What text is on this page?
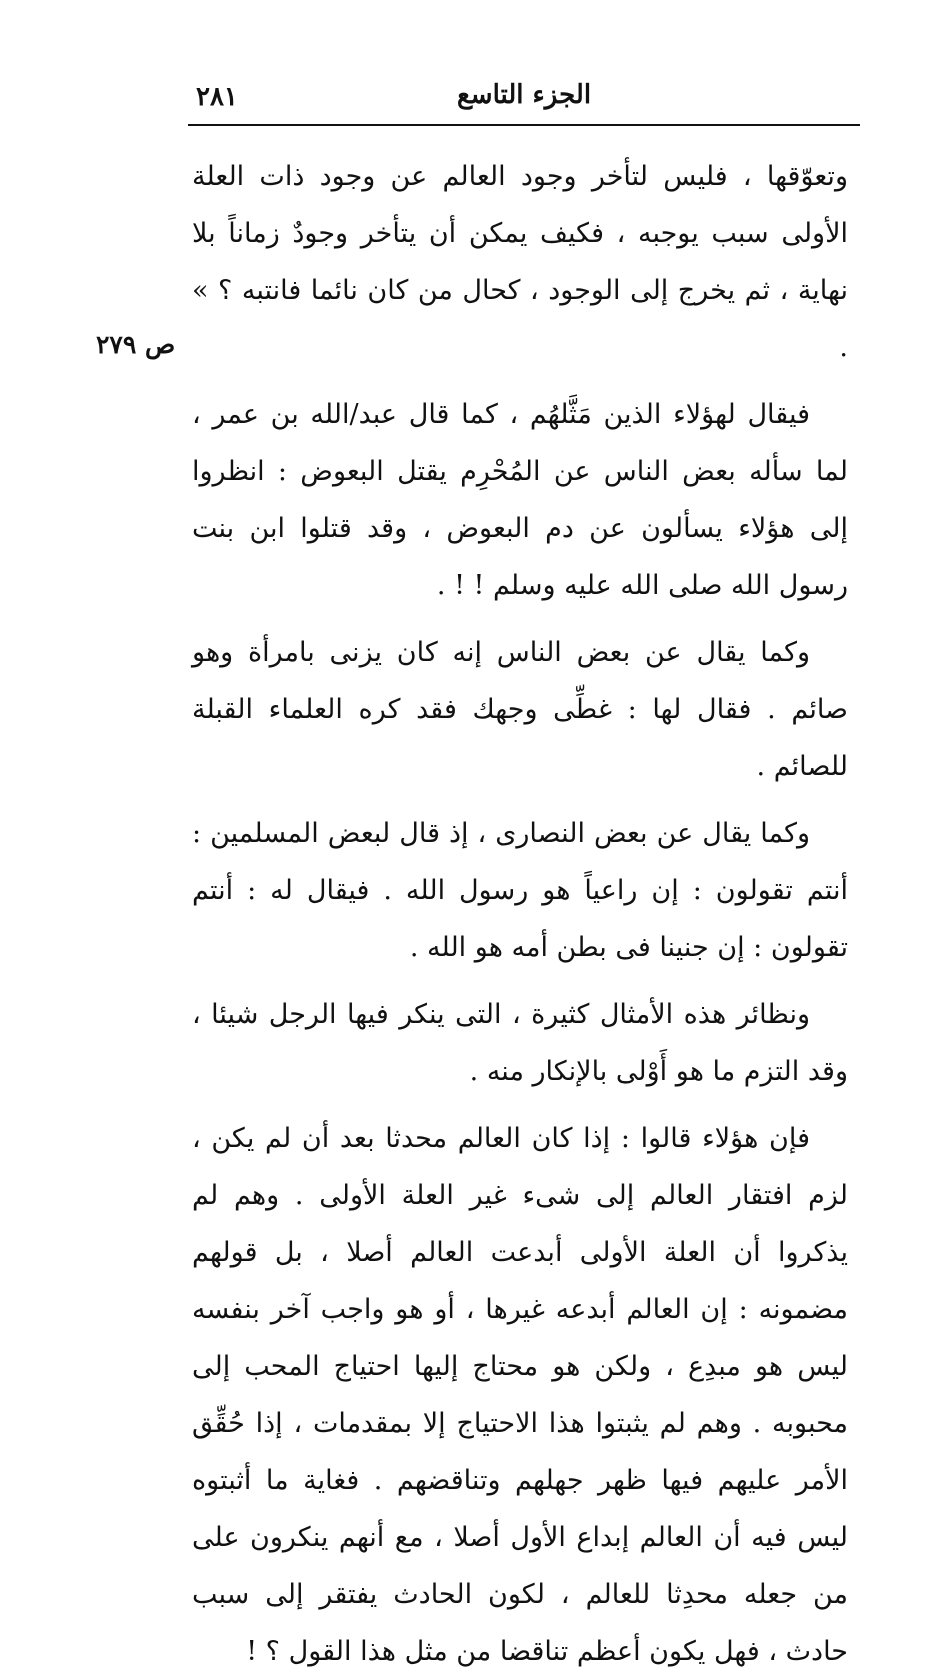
٢٨١	الجزء التاسع
ص ٢٧٩

وتعوّقها ، فليس لتأخر وجود العالم عن وجود ذات العلة الأولى سبب يوجبه ، فكيف يمكن أن يتأخر وجودٌ زماناً بلا نهاية ، ثم يخرج إلى الوجود ، كحال من كان نائما فانتبه ؟ » .

فيقال لهؤلاء الذين مَثَّلهُم ، كما قال عبد/الله بن عمر ، لما سأله بعض الناس عن المُحْرِم يقتل البعوض : انظروا إلى هؤلاء يسألون عن دم البعوض ، وقد قتلوا ابن بنت رسول الله صلى الله عليه وسلم ! ! .

وكما يقال عن بعض الناس إنه كان يزنى بامرأة وهو صائم . فقال لها : غطِّى وجهك فقد كره العلماء القبلة للصائم .

وكما يقال عن بعض النصارى ، إذ قال لبعض المسلمين : أنتم تقولون : إن راعياً هو رسول الله . فيقال له : أنتم تقولون : إن جنينا فى بطن أمه هو الله .

ونظائر هذه الأمثال كثيرة ، التى ينكر فيها الرجل شيئا ، وقد التزم ما هو أَوْلى بالإنكار منه .

فإن هؤلاء قالوا : إذا كان العالم محدثا بعد أن لم يكن ، لزم افتقار العالم إلى شىء غير العلة الأولى . وهم لم يذكروا أن العلة الأولى أبدعت العالم أصلا ، بل قولهم مضمونه : إن العالم أبدعه غيرها ، أو هو واجب آخر بنفسه ليس هو مبدِع ، ولكن هو محتاج إليها احتياج المحب إلى محبوبه . وهم لم يثبتوا هذا الاحتياج إلا بمقدمات ، إذا حُقِّق الأمر عليهم فيها ظهر جهلهم وتناقضهم . فغاية ما أثبتوه ليس فيه أن العالم إبداع الأول أصلا ، مع أنهم ينكرون على من جعله محدِثا للعالم ، لكون الحادث يفتقر إلى سبب حادث ، فهل يكون أعظم تناقضا من مثل هذا القول ؟ !
